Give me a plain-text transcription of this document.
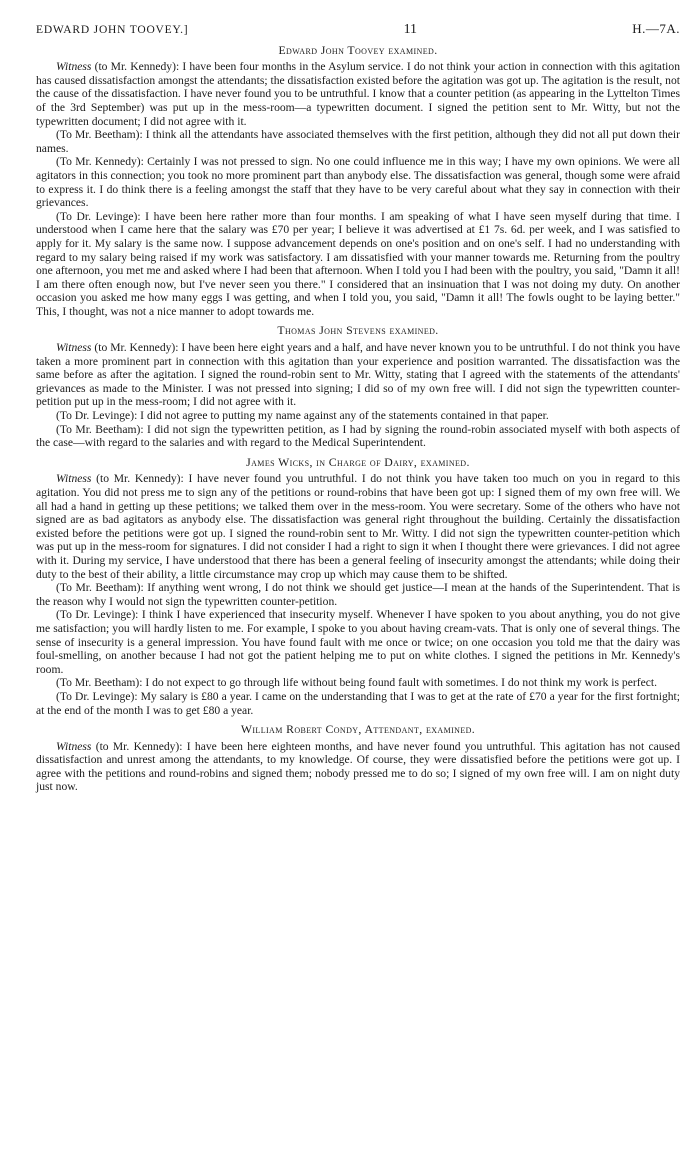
EDWARD JOHN TOOVEY.]	11	H.—7A.
Edward John Toovey examined.

Witness (to Mr. Kennedy): I have been four months in the Asylum service. I do not think your action in connection with this agitation has caused dissatisfaction amongst the attendants; the dissatisfaction existed before the agitation was got up. The agitation is the result, not the cause of the dissatisfaction. I have never found you to be untruthful. I know that a counter petition (as appearing in the Lyttelton Times of the 3rd September) was put up in the mess-room—a typewritten document. I signed the petition sent to Mr. Witty, but not the typewritten document; I did not agree with it.

(To Mr. Beetham): I think all the attendants have associated themselves with the first petition, although they did not all put down their names.

(To Mr. Kennedy): Certainly I was not pressed to sign. No one could influence me in this way; I have my own opinions. We were all agitators in this connection; you took no more prominent part than anybody else. The dissatisfaction was general, though some were afraid to express it. I do think there is a feeling amongst the staff that they have to be very careful about what they say in connection with their grievances.

(To Dr. Levinge): I have been here rather more than four months. I am speaking of what I have seen myself during that time. I understood when I came here that the salary was £70 per year; I believe it was advertised at £1 7s. 6d. per week, and I was satisfied to apply for it. My salary is the same now. I suppose advancement depends on one's position and on one's self. I had no understanding with regard to my salary being raised if my work was satisfactory. I am dissatisfied with your manner towards me. Returning from the poultry one afternoon, you met me and asked where I had been that afternoon. When I told you I had been with the poultry, you said, "Damn it all! I am there often enough now, but I've never seen you there." I considered that an insinuation that I was not doing my duty. On another occasion you asked me how many eggs I was getting, and when I told you, you said, "Damn it all! The fowls ought to be laying better." This, I thought, was not a nice manner to adopt towards me.

Thomas John Stevens examined.

Witness (to Mr. Kennedy): I have been here eight years and a half, and have never known you to be untruthful. I do not think you have taken a more prominent part in connection with this agitation than your experience and position warranted. The dissatisfaction was the same before as after the agitation. I signed the round-robin sent to Mr. Witty, stating that I agreed with the statements of the attendants' grievances as made to the Minister. I was not pressed into signing; I did so of my own free will. I did not sign the typewritten counter-petition put up in the mess-room; I did not agree with it.

(To Dr. Levinge): I did not agree to putting my name against any of the statements contained in that paper.

(To Mr. Beetham): I did not sign the typewritten petition, as I had by signing the round-robin associated myself with both aspects of the case—with regard to the salaries and with regard to the Medical Superintendent.

James Wicks, in Charge of Dairy, examined.

Witness (to Mr. Kennedy): I have never found you untruthful. I do not think you have taken too much on you in regard to this agitation. You did not press me to sign any of the petitions or round-robins that have been got up: I signed them of my own free will. We all had a hand in getting up these petitions; we talked them over in the mess-room. You were secretary. Some of the others who have not signed are as bad agitators as anybody else. The dissatisfaction was general right throughout the building. Certainly the dissatisfaction existed before the petitions were got up. I signed the round-robin sent to Mr. Witty. I did not sign the typewritten counter-petition which was put up in the mess-room for signatures. I did not consider I had a right to sign it when I thought there were grievances. I did not agree with it. During my service, I have understood that there has been a general feeling of insecurity amongst the attendants; while doing their duty to the best of their ability, a little circumstance may crop up which may cause them to be shifted.

(To Mr. Beetham): If anything went wrong, I do not think we should get justice—I mean at the hands of the Superintendent. That is the reason why I would not sign the typewritten counter-petition.

(To Dr. Levinge): I think I have experienced that insecurity myself. Whenever I have spoken to you about anything, you do not give me satisfaction; you will hardly listen to me. For example, I spoke to you about having cream-vats. That is only one of several things. The sense of insecurity is a general impression. You have found fault with me once or twice; on one occasion you told me that the dairy was foul-smelling, on another because I had not got the patient helping me to put on white clothes. I signed the petitions in Mr. Kennedy's room.

(To Mr. Beetham): I do not expect to go through life without being found fault with sometimes. I do not think my work is perfect.

(To Dr. Levinge): My salary is £80 a year. I came on the understanding that I was to get at the rate of £70 a year for the first fortnight; at the end of the month I was to get £80 a year.

William Robert Condy, Attendant, examined.

Witness (to Mr. Kennedy): I have been here eighteen months, and have never found you untruthful. This agitation has not caused dissatisfaction and unrest among the attendants, to my knowledge. Of course, they were dissatisfied before the petitions were got up. I agree with the petitions and round-robins and signed them; nobody pressed me to do so; I signed of my own free will. I am on night duty just now.
